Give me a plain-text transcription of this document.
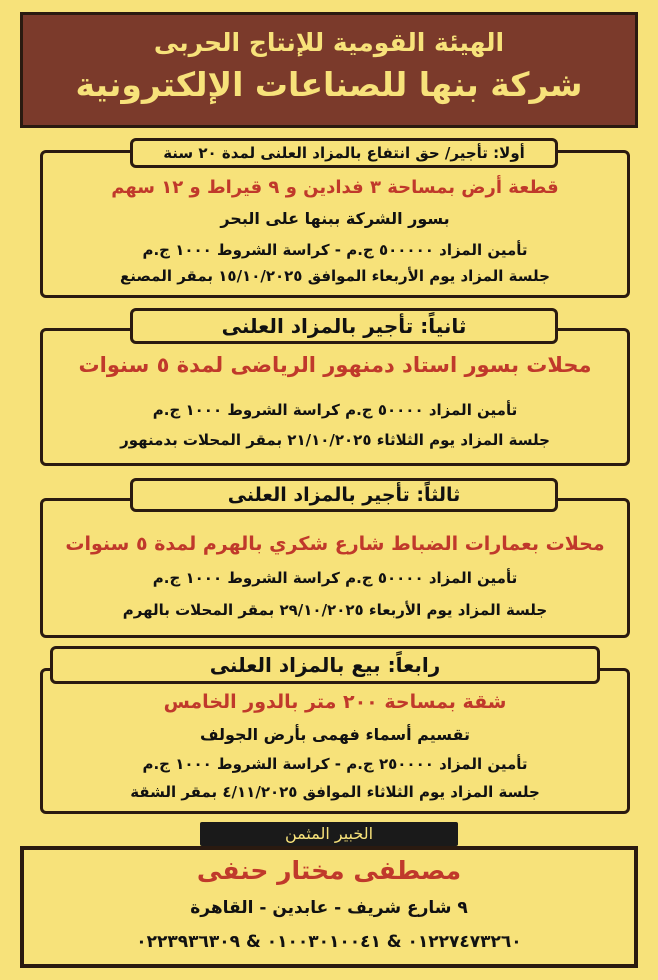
الهيئة القومية للإنتاج الحربى
شركة بنها للصناعات الإلكترونية
قطعة أرض بمساحة ٣ فدادين و ٩ قيراط و ١٢ سهم
بسور الشركة ببنها على البحر
تأمين المزاد ٥٠٠٠٠٠ ج.م - كراسة الشروط ١٠٠٠ ج.م
جلسة المزاد يوم الأربعاء الموافق ١٥/١٠/٢٠٢٥ بمقر المصنع
أولا: تأجير/ حق انتفاع بالمزاد العلنى لمدة ٢٠ سنة
محلات بسور استاد دمنهور الرياضى لمدة ٥ سنوات
تأمين المزاد ٥٠٠٠٠ ج.م كراسة الشروط ١٠٠٠ ج.م
جلسة المزاد يوم الثلاثاء ٢١/١٠/٢٠٢٥ بمقر المحلات بدمنهور
ثانياً: تأجير بالمزاد العلنى
محلات بعمارات الضباط شارع شكري بالهرم لمدة ٥ سنوات
تأمين المزاد ٥٠٠٠٠ ج.م كراسة الشروط ١٠٠٠ ج.م
جلسة المزاد يوم الأربعاء ٢٩/١٠/٢٠٢٥ بمقر المحلات بالهرم
ثالثاً: تأجير بالمزاد العلنى
شقة بمساحة ٢٠٠ متر بالدور الخامس
تقسيم أسماء فهمى بأرض الجولف
تأمين المزاد ٢٥٠٠٠٠ ج.م - كراسة الشروط ١٠٠٠ ج.م
جلسة المزاد يوم الثلاثاء الموافق ٤/١١/٢٠٢٥ بمقر الشقة
رابعاً: بيع بالمزاد العلنى
الخبير المثمن
مصطفى مختار حنفى
٩ شارع شريف - عابدين - القاهرة
٠١٢٢٧٤٧٣٢٦٠ & ٠١٠٠٣٠١٠٠٤١ & ٠٢٢٣٩٣٦٣٠٩
